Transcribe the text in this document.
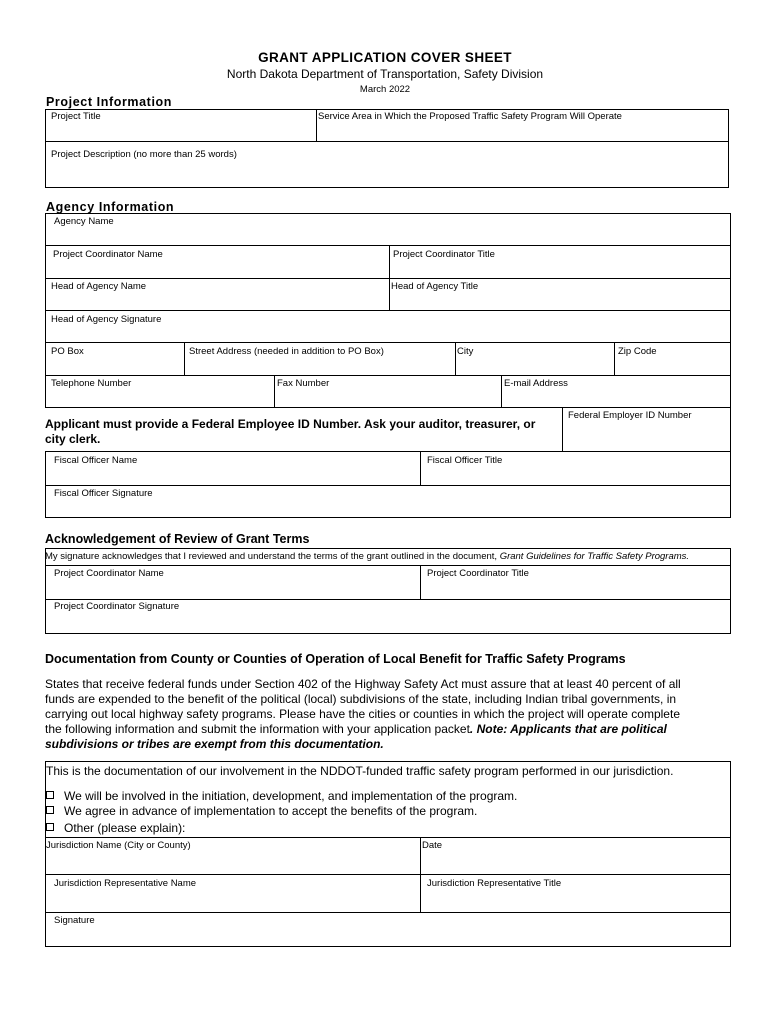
GRANT APPLICATION COVER SHEET
North Dakota Department of Transportation, Safety Division
March 2022
Project Information
Project Title	Service Area in Which the Proposed Traffic Safety Program Will Operate
Project Description (no more than 25 words)
Agency Information
Agency Name
Project Coordinator Name	Project Coordinator Title
Head of Agency Name	Head of Agency Title
Head of Agency Signature
PO Box	Street Address (needed in addition to PO Box)	City	Zip Code
Telephone Number	Fax Number	E-mail Address
Applicant must provide a Federal Employee ID Number. Ask your auditor, treasurer, or
city clerk.
Federal Employer ID Number
Fiscal Officer Name	Fiscal Officer Title
Fiscal Officer Signature
Acknowledgement of Review of Grant Terms
My signature acknowledges that I reviewed and understand the terms of the grant outlined in the document, Grant Guidelines for Traffic Safety Programs.
Project Coordinator Name	Project Coordinator Title
Project Coordinator Signature
Documentation from County or Counties of Operation of Local Benefit for Traffic Safety Programs
States that receive federal funds under Section 402 of the Highway Safety Act must assure that at least 40 percent of all
funds are expended to the benefit of the political (local) subdivisions of the state, including Indian tribal governments, in
carrying out local highway safety programs. Please have the cities or counties in which the project will operate complete
the following information and submit the information with your application packet. Note: Applicants that are political
subdivisions or tribes are exempt from this documentation.
This is the documentation of our involvement in the NDDOT-funded traffic safety program performed in our jurisdiction.
We will be involved in the initiation, development, and implementation of the program.
We agree in advance of implementation to accept the benefits of the program.
Other (please explain):
Jurisdiction Name (City or County)	Date
Jurisdiction Representative Name	Jurisdiction Representative Title
Signature
